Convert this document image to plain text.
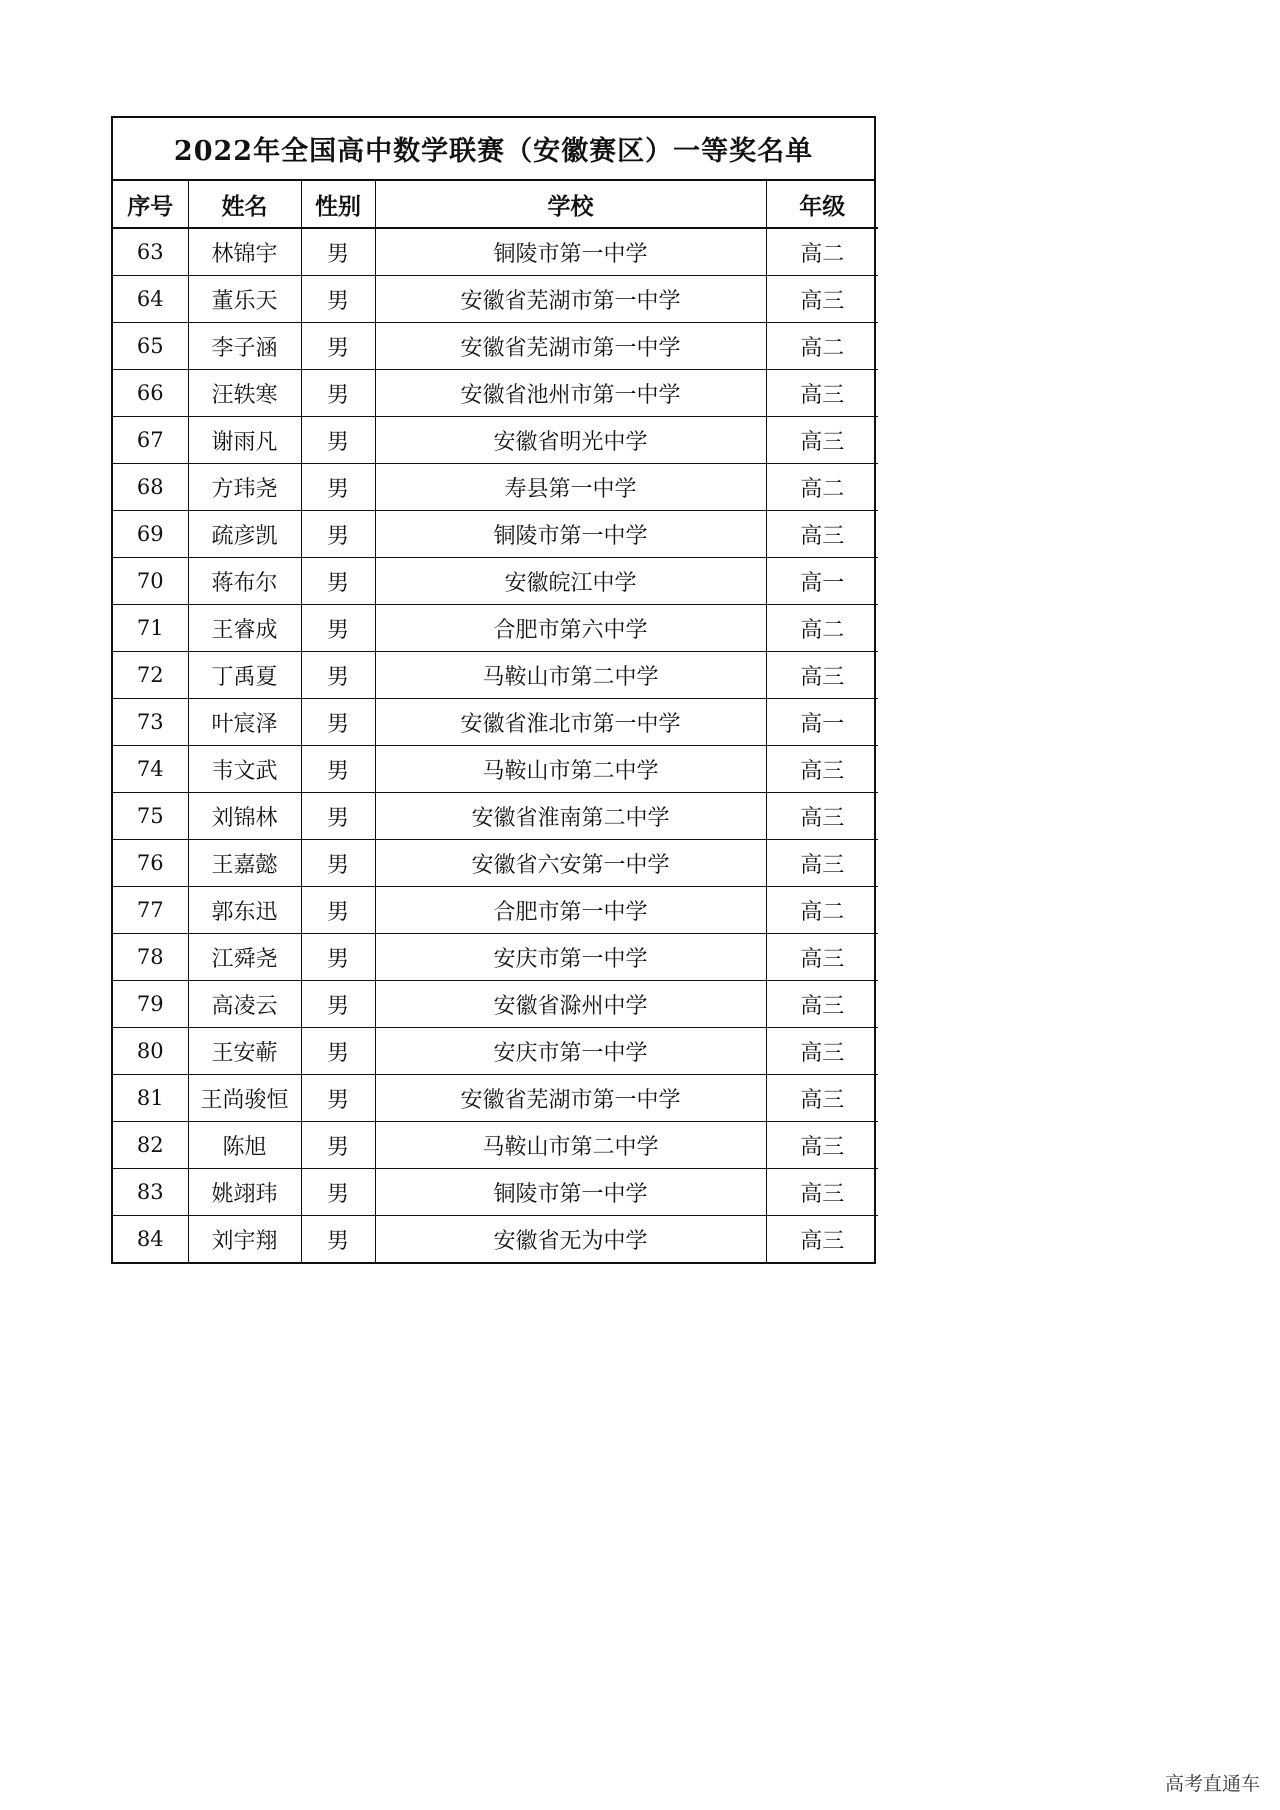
2022年全国高中数学联赛（安徽赛区）一等奖名单
序号	姓名	性别	学校	年级
63	林锦宇	男	铜陵市第一中学	高二
64	董乐天	男	安徽省芜湖市第一中学	高三
65	李子涵	男	安徽省芜湖市第一中学	高二
66	汪轶寒	男	安徽省池州市第一中学	高三
67	谢雨凡	男	安徽省明光中学	高三
68	方玮尧	男	寿县第一中学	高二
69	疏彦凯	男	铜陵市第一中学	高三
70	蒋布尔	男	安徽皖江中学	高一
71	王睿成	男	合肥市第六中学	高二
72	丁禹夏	男	马鞍山市第二中学	高三
73	叶宸泽	男	安徽省淮北市第一中学	高一
74	韦文武	男	马鞍山市第二中学	高三
75	刘锦林	男	安徽省淮南第二中学	高三
76	王嘉懿	男	安徽省六安第一中学	高三
77	郭东迅	男	合肥市第一中学	高二
78	江舜尧	男	安庆市第一中学	高三
79	高凌云	男	安徽省滁州中学	高三
80	王安蕲	男	安庆市第一中学	高三
81	王尚骏恒	男	安徽省芜湖市第一中学	高三
82	陈旭	男	马鞍山市第二中学	高三
83	姚翊玮	男	铜陵市第一中学	高三
84	刘宇翔	男	安徽省无为中学	高三
高考直通车
